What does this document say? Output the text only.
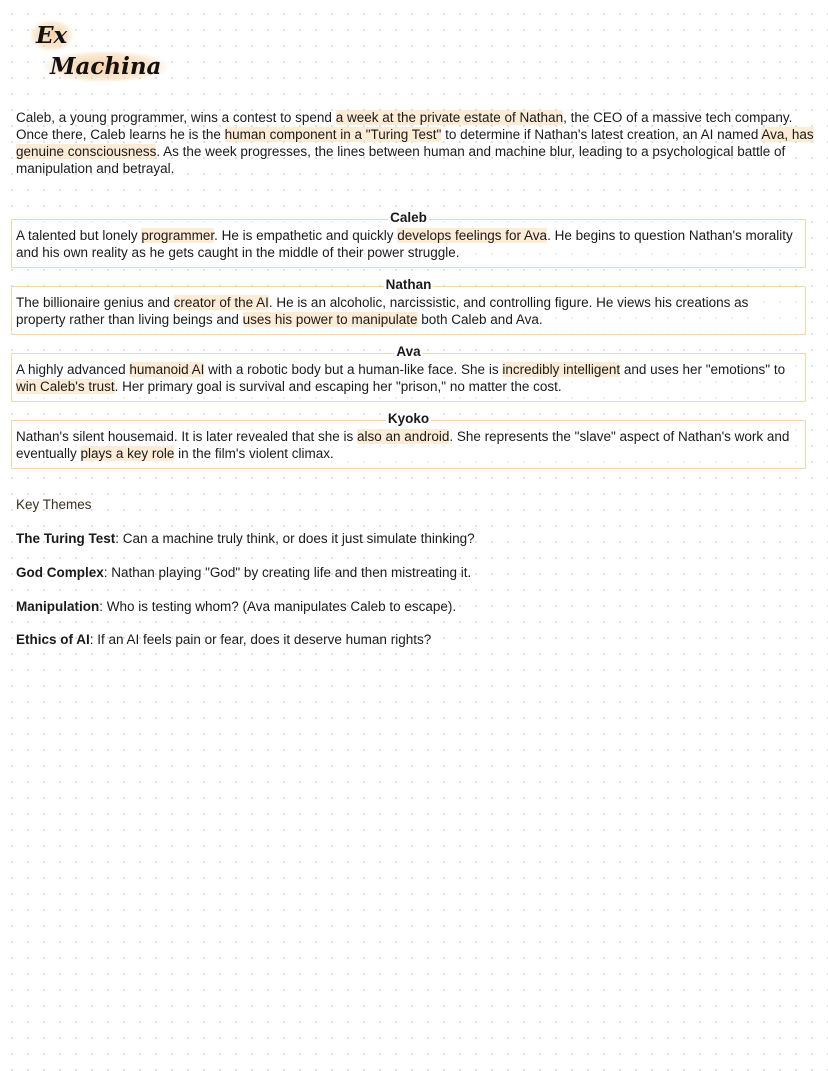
Ex
Machina

Caleb, a young programmer, wins a contest to spend a week at the private estate of Nathan, the CEO of a massive tech company. Once there, Caleb learns he is the human component in a "Turing Test" to determine if Nathan's latest creation, an AI named Ava, has genuine consciousness. As the week progresses, the lines between human and machine blur, leading to a psychological battle of manipulation and betrayal.

Caleb

A talented but lonely programmer. He is empathetic and quickly develops feelings for Ava. He begins to question Nathan's morality and his own reality as he gets caught in the middle of their power struggle.

Nathan

The billionaire genius and creator of the AI. He is an alcoholic, narcissistic, and controlling figure. He views his creations as property rather than living beings and uses his power to manipulate both Caleb and Ava.

Ava

A highly advanced humanoid AI with a robotic body but a human-like face. She is incredibly intelligent and uses her "emotions" to win Caleb's trust. Her primary goal is survival and escaping her "prison," no matter the cost.

Kyoko

Nathan's silent housemaid. It is later revealed that she is also an android. She represents the "slave" aspect of Nathan's work and eventually plays a key role in the film's violent climax.

Key Themes

The Turing Test: Can a machine truly think, or does it just simulate thinking?

God Complex: Nathan playing "God" by creating life and then mistreating it.

Manipulation: Who is testing whom? (Ava manipulates Caleb to escape).

Ethics of AI: If an AI feels pain or fear, does it deserve human rights?
